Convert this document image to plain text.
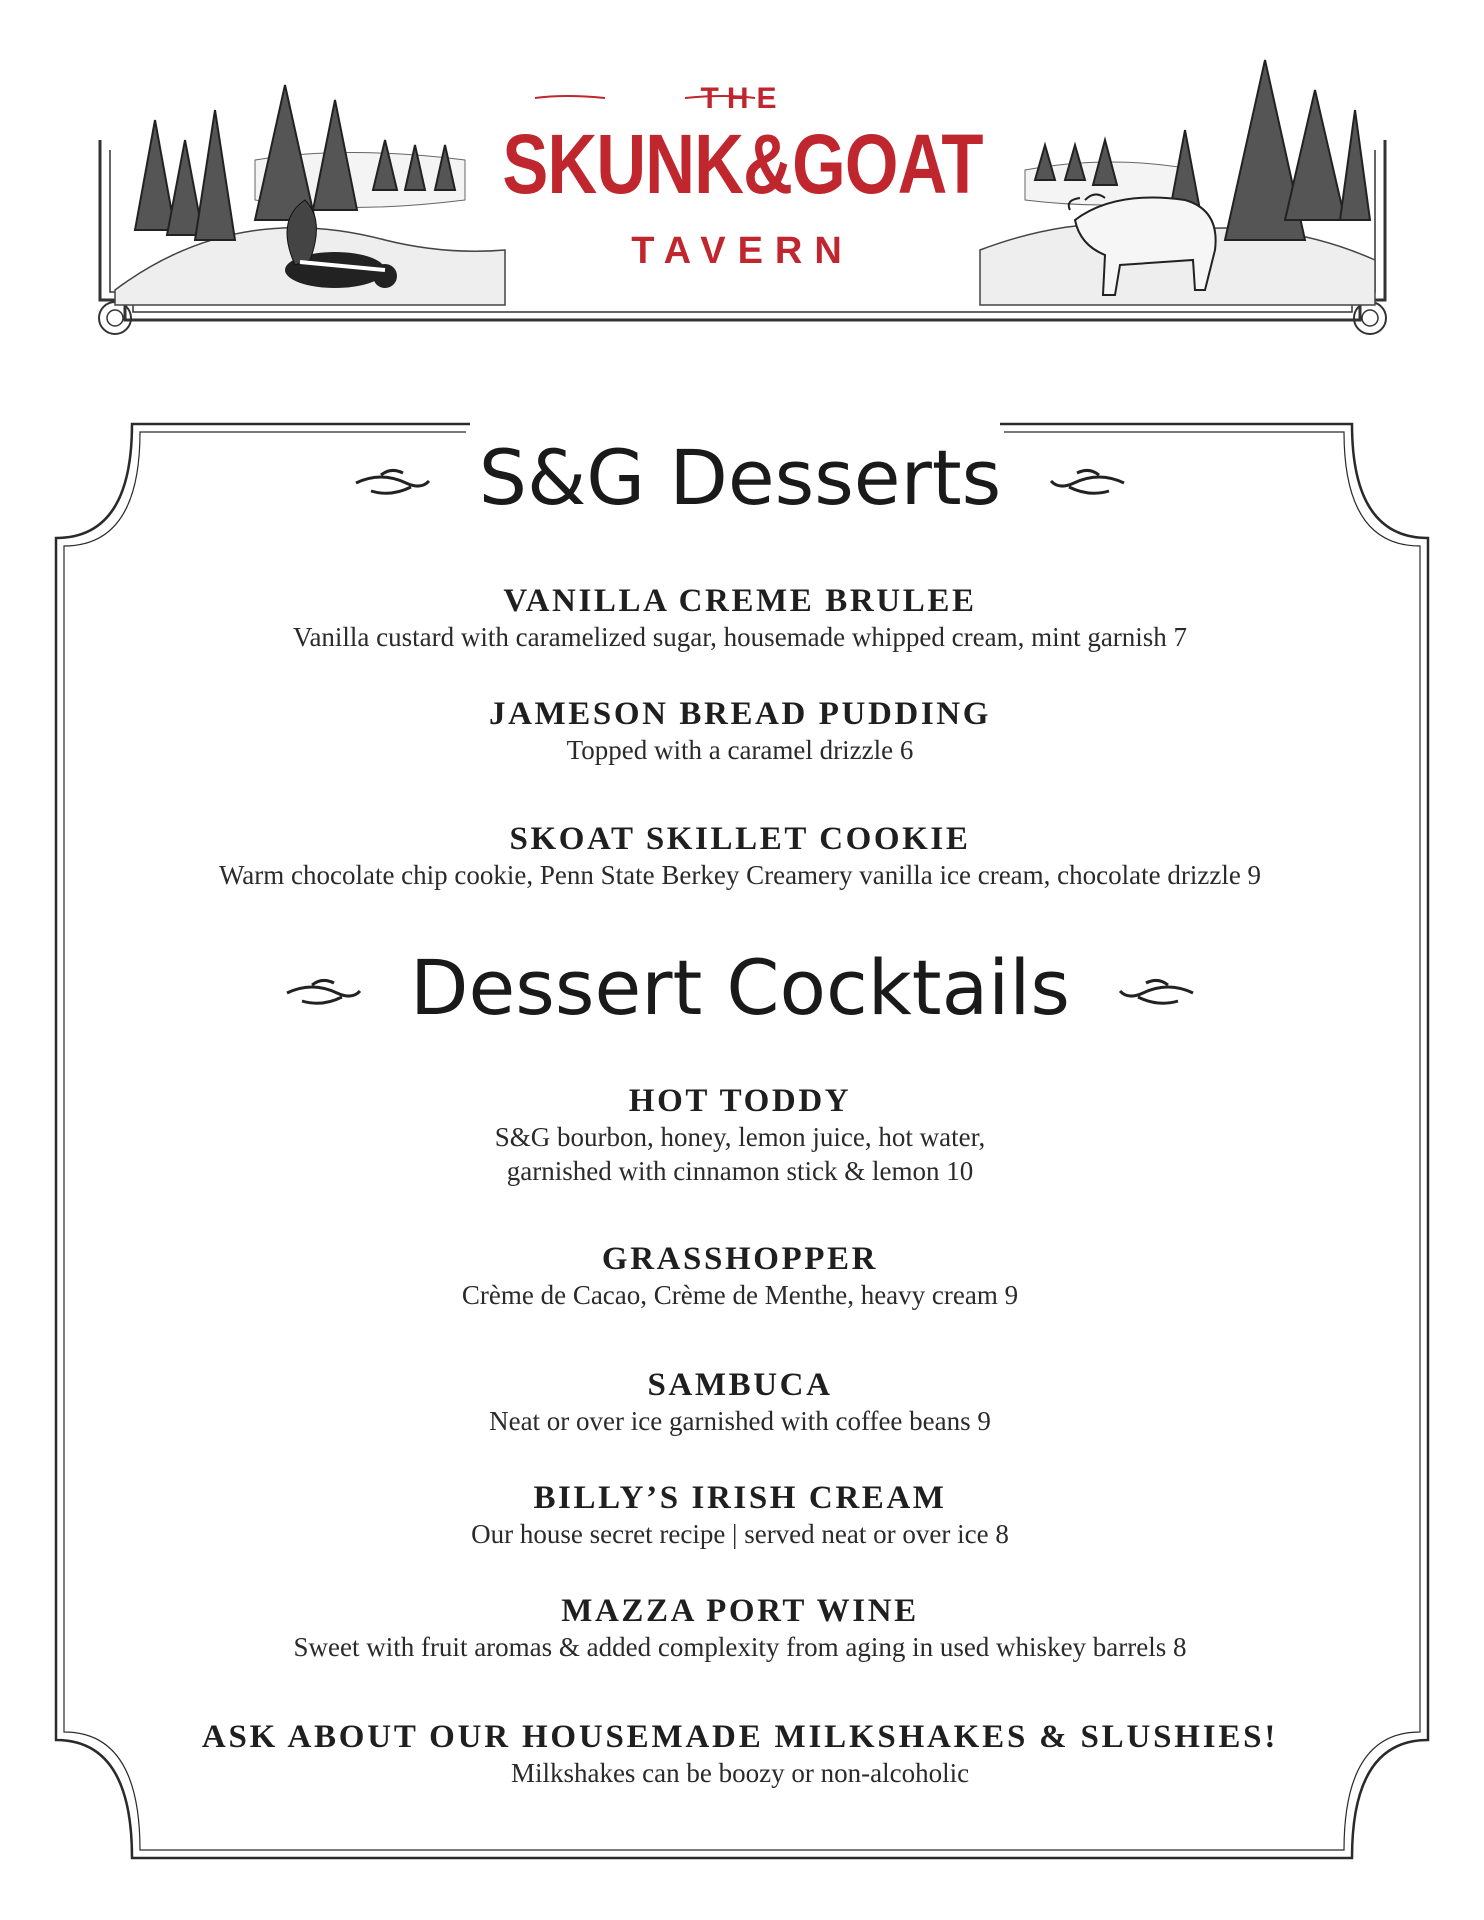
THE
SKUNK&GOAT
TAVERN
S&G Desserts
VANILLA CREME BRULEE
Vanilla custard with caramelized sugar, housemade whipped cream, mint garnish 7
JAMESON BREAD PUDDING
Topped with a caramel drizzle 6
SKOAT SKILLET COOKIE
Warm chocolate chip cookie, Penn State Berkey Creamery vanilla ice cream, chocolate drizzle 9
Dessert Cocktails
HOT TODDY
S&G bourbon, honey, lemon juice, hot water,
garnished with cinnamon stick & lemon 10
GRASSHOPPER
Crème de Cacao, Crème de Menthe, heavy cream 9
SAMBUCA
Neat or over ice garnished with coffee beans 9
BILLY’S IRISH CREAM
Our house secret recipe | served neat or over ice 8
MAZZA PORT WINE
Sweet with fruit aromas & added complexity from aging in used whiskey barrels 8
ASK ABOUT OUR HOUSEMADE MILKSHAKES & SLUSHIES!
Milkshakes can be boozy or non-alcoholic
